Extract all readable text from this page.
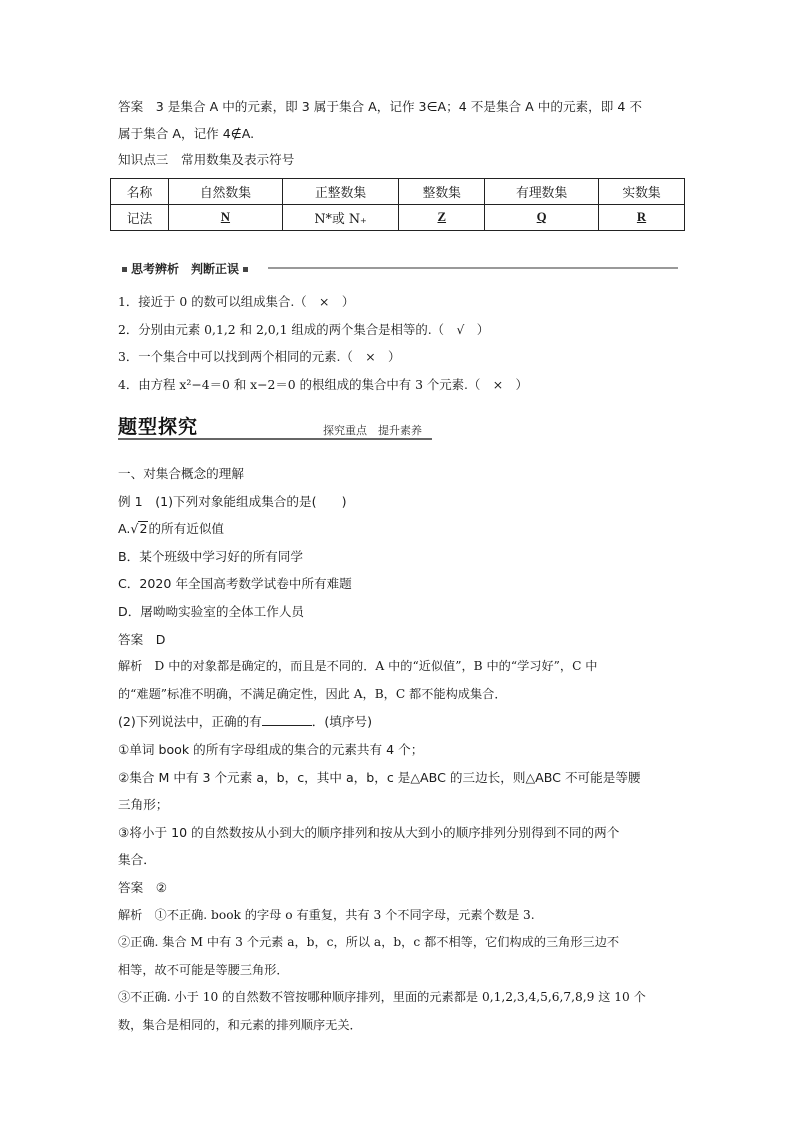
答案　3 是集合 A 中的元素，即 3 属于集合 A，记作 3∈A；4 不是集合 A 中的元素，即 4 不
属于集合 A，记作 4∉A.
知识点三　常用数集及表示符号
名称	自然数集	正整数集	整数集	有理数集	实数集
记法	N	N*或 N₊	Z	Q	R
思考辨析　判断正误
1．接近于 0 的数可以组成集合.（　×　）
2．分别由元素 0,1,2 和 2,0,1 组成的两个集合是相等的.（　√　）
3．一个集合中可以找到两个相同的元素.（　×　）
4．由方程 x²−4＝0 和 x−2＝0 的根组成的集合中有 3 个元素.（　×　）
题型探究	探究重点　提升素养
一、对集合概念的理解
例 1　(1)下列对象能组成集合的是(　　)
A.√2的所有近似值
B．某个班级中学习好的所有同学
C．2020 年全国高考数学试卷中所有难题
D．屠呦呦实验室的全体工作人员
答案　D
解析　D 中的对象都是确定的，而且是不同的．A 中的“近似值”，B 中的“学习好”，C 中
的“难题”标准不明确，不满足确定性，因此 A，B，C 都不能构成集合．
(2)下列说法中，正确的有	．(填序号)
①单词 book 的所有字母组成的集合的元素共有 4 个；
②集合 M 中有 3 个元素 a，b，c，其中 a，b，c 是△ABC 的三边长，则△ABC 不可能是等腰
三角形；
③将小于 10 的自然数按从小到大的顺序排列和按从大到小的顺序排列分别得到不同的两个
集合．
答案　②
解析　①不正确. book 的字母 o 有重复，共有 3 个不同字母，元素个数是 3.
②正确. 集合 M 中有 3 个元素 a，b，c，所以 a，b，c 都不相等，它们构成的三角形三边不
相等，故不可能是等腰三角形．
③不正确. 小于 10 的自然数不管按哪种顺序排列，里面的元素都是 0,1,2,3,4,5,6,7,8,9 这 10 个
数，集合是相同的，和元素的排列顺序无关．
